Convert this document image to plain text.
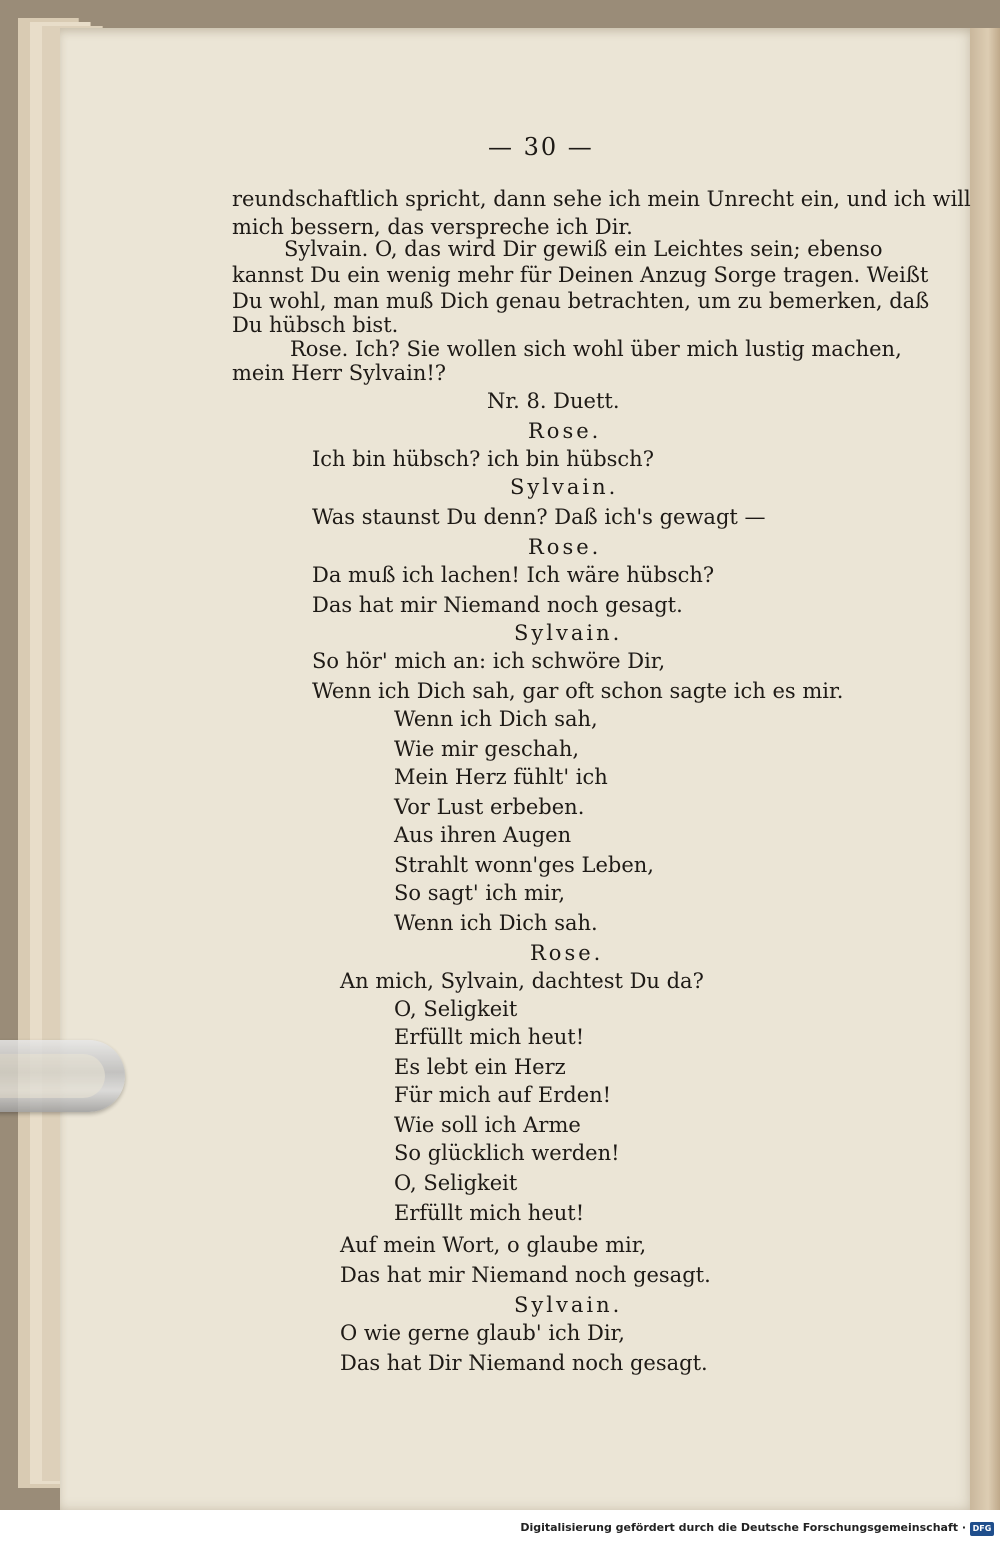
— 30 —
reundschaftlich spricht, dann sehe ich mein Unrecht ein, und ich will
mich bessern, das verspreche ich Dir.
Sylvain. O, das wird Dir gewiß ein Leichtes sein; ebenso
kannst Du ein wenig mehr für Deinen Anzug Sorge tragen. Weißt
Du wohl, man muß Dich genau betrachten, um zu bemerken, daß
Du hübsch bist.
Rose. Ich? Sie wollen sich wohl über mich lustig machen,
mein Herr Sylvain!?
Nr. 8. Duett.
Rose.
Ich bin hübsch? ich bin hübsch?
Sylvain.
Was staunst Du denn? Daß ich's gewagt —
Rose.
Da muß ich lachen! Ich wäre hübsch?
Das hat mir Niemand noch gesagt.
Sylvain.
So hör' mich an: ich schwöre Dir,
Wenn ich Dich sah, gar oft schon sagte ich es mir.
Wenn ich Dich sah,
Wie mir geschah,
Mein Herz fühlt' ich
Vor Lust erbeben.
Aus ihren Augen
Strahlt wonn'ges Leben,
So sagt' ich mir,
Wenn ich Dich sah.
Rose.
An mich, Sylvain, dachtest Du da?
O, Seligkeit
Erfüllt mich heut!
Es lebt ein Herz
Für mich auf Erden!
Wie soll ich Arme
So glücklich werden!
O, Seligkeit
Erfüllt mich heut!
Auf mein Wort, o glaube mir,
Das hat mir Niemand noch gesagt.
Sylvain.
O wie gerne glaub' ich Dir,
Das hat Dir Niemand noch gesagt.
Digitalisierung gefördert durch die Deutsche Forschungsgemeinschaft · DFG
